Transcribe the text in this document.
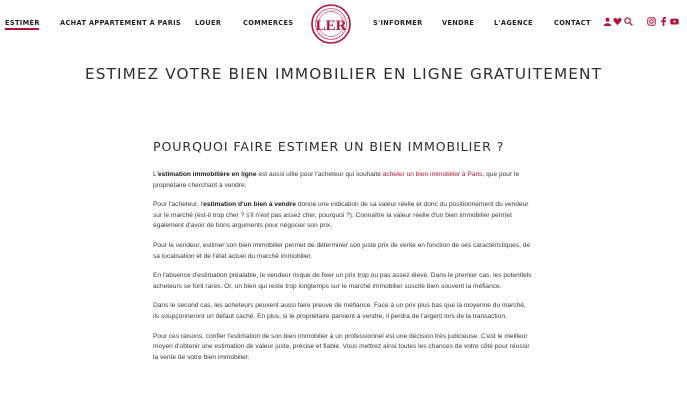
ESTIMER	ACHAT APPARTEMENT À PARIS LOUER	COMMERCES LER	S'INFORMER	VENDRE	L'AGENCE	CONTACT
ESTIMEZ VOTRE BIEN IMMOBILIER EN LIGNE GRATUITEMENT
POURQUOI FAIRE ESTIMER UN BIEN IMMOBILIER ?

L'estimation immobilière en ligne est aussi utile pour l'acheteur qui souhaite acheter un bien immobilier à Paris, que pour le propriétaire cherchant à vendre.

Pour l'acheteur, l'estimation d'un bien à vendre donne une indication de sa valeur réelle et donc du positionnement du vendeur sur le marché (est-il trop cher ? s'il n'est pas assez cher, pourquoi ?). Connaître la valeur réelle d'un bien immobilier permet également d'avoir de bons arguments pour négocier son prix.

Pour le vendeur, estimer son bien immobilier permet de déterminer son juste prix de vente en fonction de ses caractéristiques, de sa localisation et de l'état actuel du marché immobilier.

En l'absence d'estimation préalable, le vendeur risque de fixer un prix trop ou pas assez élevé. Dans le premier cas, les potentiels acheteurs se font rares. Or, un bien qui reste trop longtemps sur le marché immobilier suscite bien souvent la méfiance.

Dans le second cas, les acheteurs peuvent aussi faire preuve de méfiance. Face à un prix plus bas que la moyenne du marché, ils soupçonneront un défaut caché. En plus, si le propriétaire parvient à vendre, il perdra de l'argent lors de la transaction.

Pour ces raisons, confier l'estimation de son bien immobilier à un professionnel est une décision très judicieuse. C'est le meilleur moyen d'obtenir une estimation de valeur juste, précise et fiable. Vous mettrez ainsi toutes les chances de votre côté pour réussir la vente de votre bien immobilier.
